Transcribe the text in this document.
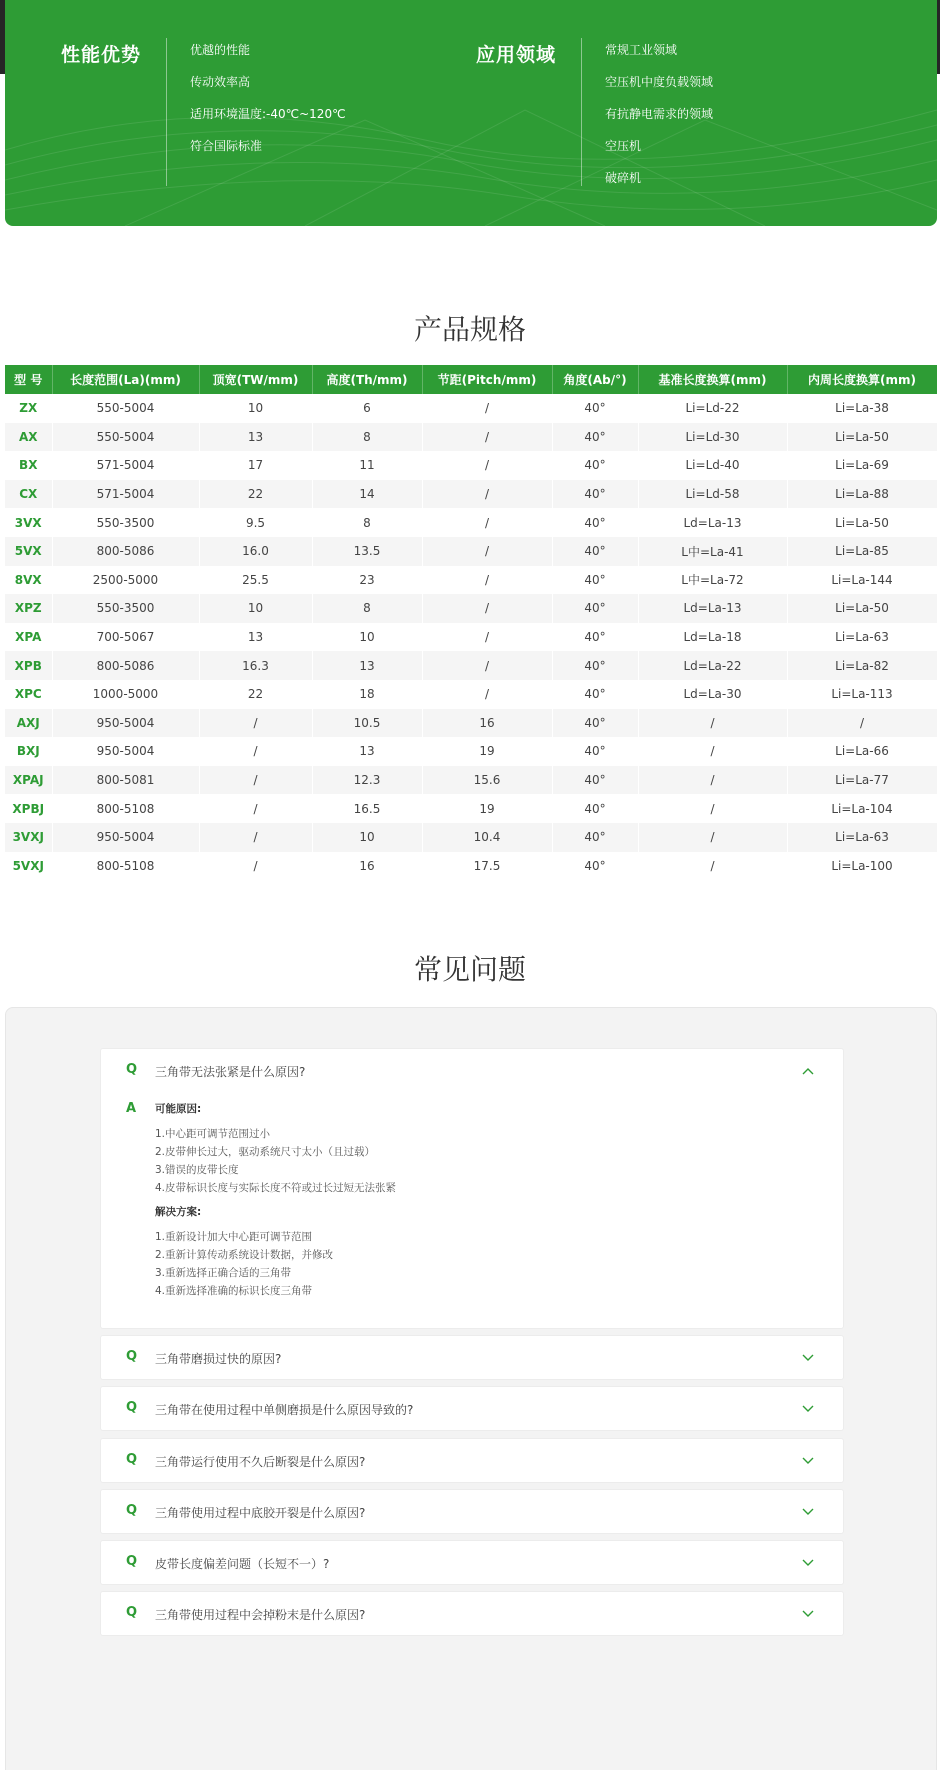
性能优势	优越的性能
传动效率高
适用环境温度:-40℃~120℃
符合国际标准
应用领域	常规工业领域
空压机中度负载领域
有抗静电需求的领域
空压机
破碎机
产品规格
型 号	长度范围(La)(mm)	顶宽(TW/mm)	高度(Th/mm)	节距(Pitch/mm)	角度(Ab/°)	基准长度换算(mm)	内周长度换算(mm)
ZX	550-5004	10	6	/	40°	Li=Ld-22	Li=La-38
AX	550-5004	13	8	/	40°	Li=Ld-30	Li=La-50
BX	571-5004	17	11	/	40°	Li=Ld-40	Li=La-69
CX	571-5004	22	14	/	40°	Li=Ld-58	Li=La-88
3VX	550-3500	9.5	8	/	40°	Ld=La-13	Li=La-50
5VX	800-5086	16.0	13.5	/	40°	L中=La-41	Li=La-85
8VX	2500-5000	25.5	23	/	40°	L中=La-72	Li=La-144
XPZ	550-3500	10	8	/	40°	Ld=La-13	Li=La-50
XPA	700-5067	13	10	/	40°	Ld=La-18	Li=La-63
XPB	800-5086	16.3	13	/	40°	Ld=La-22	Li=La-82
XPC	1000-5000	22	18	/	40°	Ld=La-30	Li=La-113
AXJ	950-5004	/	10.5	16	40°	/	/
BXJ	950-5004	/	13	19	40°	/	Li=La-66
XPAJ	800-5081	/	12.3	15.6	40°	/	Li=La-77
XPBJ	800-5108	/	16.5	19	40°	/	Li=La-104
3VXJ	950-5004	/	10	10.4	40°	/	Li=La-63
5VXJ	800-5108	/	16	17.5	40°	/	Li=La-100
常见问题
Q 三角带无法张紧是什么原因?
A 可能原因:
1.中心距可调节范围过小
2.皮带伸长过大，驱动系统尺寸太小（且过载）
3.错误的皮带长度
4.皮带标识长度与实际长度不符或过长过短无法张紧
解决方案:
1.重新设计加大中心距可调节范围
2.重新计算传动系统设计数据，并修改
3.重新选择正确合适的三角带
4.重新选择准确的标识长度三角带
Q 三角带磨损过快的原因?
Q 三角带在使用过程中单侧磨损是什么原因导致的?
Q 三角带运行使用不久后断裂是什么原因?
Q 三角带使用过程中底胶开裂是什么原因?
Q 皮带长度偏差问题（长短不一）?
Q 三角带使用过程中会掉粉末是什么原因?
